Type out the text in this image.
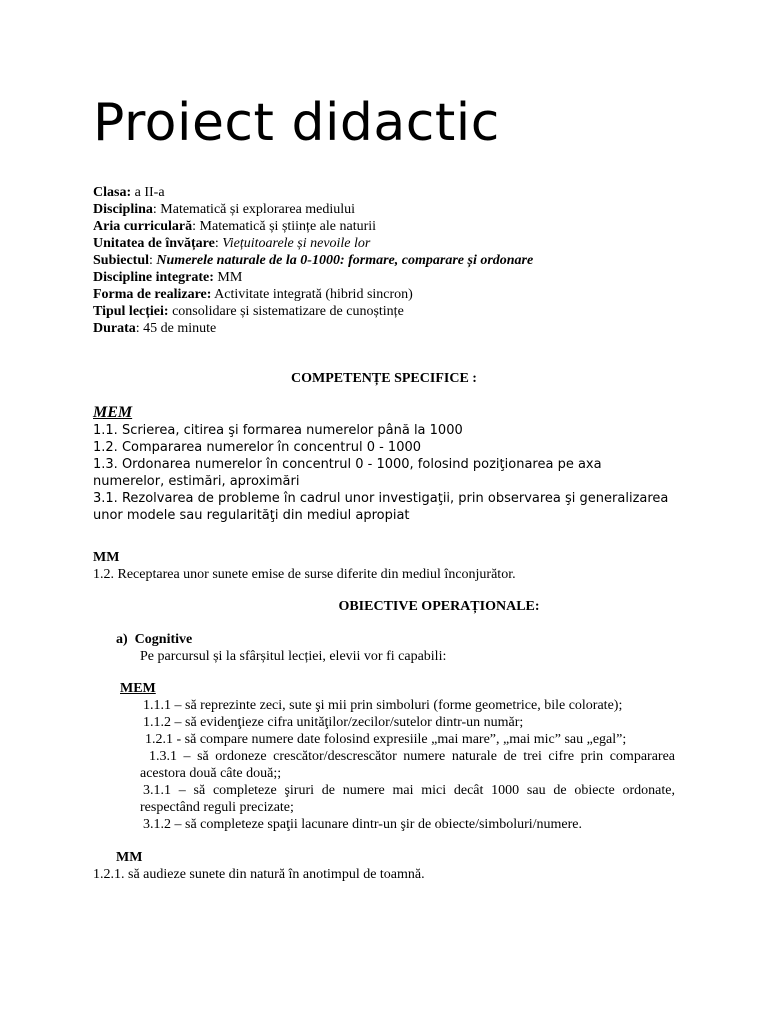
Proiect didactic

Clasa: a II-a

Disciplina: Matematică și explorarea mediului

Aria curriculară: Matematică și științe ale naturii

Unitatea de învățare: Viețuitoarele și nevoile lor

Subiectul: Numerele naturale de la 0-1000: formare, comparare și ordonare

Discipline integrate: MM

Forma de realizare: Activitate integrată (hibrid sincron)

Tipul lecției: consolidare și sistematizare de cunoștințe

Durata: 45 de minute

COMPETENȚE SPECIFICE :

MEM

1.1. Scrierea, citirea şi formarea numerelor până la 1000

1.2. Compararea numerelor în concentrul 0 - 1000

1.3. Ordonarea numerelor în concentrul 0 - 1000, folosind poziţionarea pe axa numerelor, estimări, aproximări

3.1. Rezolvarea de probleme în cadrul unor investigaţii, prin observarea şi generalizarea unor modele sau regularităţi din mediul apropiat

MM

1.2. Receptarea unor sunete emise de surse diferite din mediul înconjurător.

OBIECTIVE OPERAȚIONALE:

a) Cognitive

Pe parcursul și la sfârșitul lecției, elevii vor fi capabili:

MEM

1.1.1 – să reprezinte zeci, sute şi mii prin simboluri (forme geometrice, bile colorate);

1.1.2 – să evidenţieze cifra unităţilor/zecilor/sutelor dintr-un număr;

1.2.1 - să compare numere date folosind expresiile „mai mare”, „mai mic” sau „egal”;

1.3.1 – să ordoneze crescător/descrescător numere naturale de trei cifre prin compararea acestora două câte două;;

3.1.1 – să completeze şiruri de numere mai mici decât 1000 sau de obiecte ordonate, respectând reguli precizate;

3.1.2 – să completeze spaţii lacunare dintr-un şir de obiecte/simboluri/numere.

MM

1.2.1. să audieze sunete din natură în anotimpul de toamnă.
